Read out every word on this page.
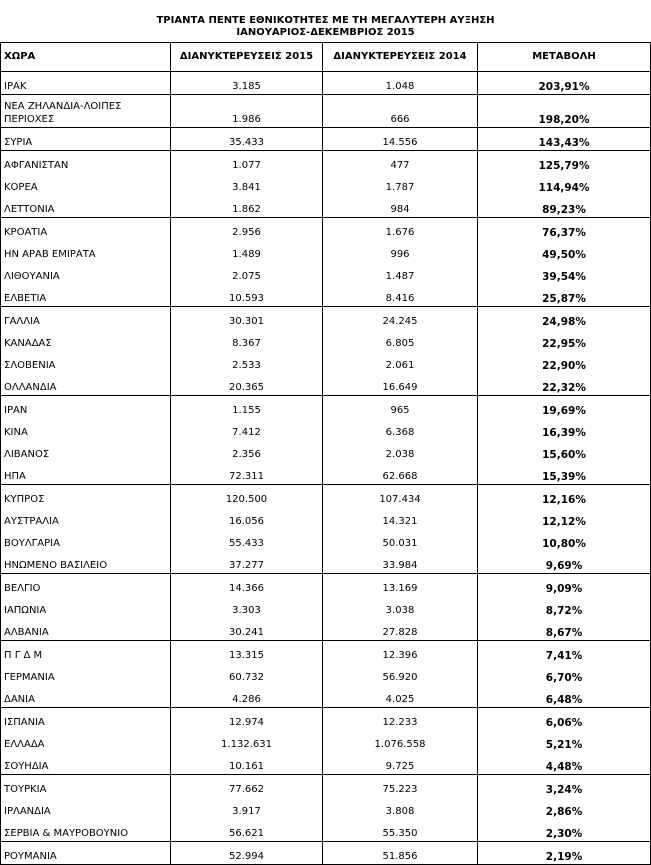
ΤΡΙΑΝΤΑ ΠΕΝΤΕ ΕΘΝΙΚΟΤΗΤΕΣ ΜΕ ΤΗ ΜΕΓΑΛΥΤΕΡΗ ΑΥΞΗΣΗ
ΙΑΝΟΥΑΡΙΟΣ-ΔΕΚΕΜΒΡΙΟΣ 2015
ΧΩΡΑ	ΔΙΑΝΥΚΤΕΡΕΥΣΕΙΣ 2015	ΔΙΑΝΥΚΤΕΡΕΥΣΕΙΣ 2014	ΜΕΤΑΒΟΛΗ
ΙΡΑΚ	3.185	1.048	203,91%
ΝΕΑ ΖΗΛΑΝΔΙΑ-ΛΟΙΠΕΣ ΠΕΡΙΟΧΕΣ	1.986	666	198,20%
ΣΥΡΙΑ	35.433	14.556	143,43%
ΑΦΓΑΝΙΣΤΑΝ	1.077	477	125,79%
ΚΟΡΕΑ	3.841	1.787	114,94%
ΛΕΤΤΟΝΙΑ	1.862	984	89,23%
ΚΡΟΑΤΙΑ	2.956	1.676	76,37%
ΗΝ ΑΡΑΒ ΕΜΙΡΑΤΑ	1.489	996	49,50%
ΛΙΘΟΥΑΝΙΑ	2.075	1.487	39,54%
ΕΛΒΕΤΙΑ	10.593	8.416	25,87%
ΓΑΛΛΙΑ	30.301	24.245	24,98%
ΚΑΝΑΔΑΣ	8.367	6.805	22,95%
ΣΛΟΒΕΝΙΑ	2.533	2.061	22,90%
ΟΛΛΑΝΔΙΑ	20.365	16.649	22,32%
ΙΡΑΝ	1.155	965	19,69%
ΚΙΝΑ	7.412	6.368	16,39%
ΛΙΒΑΝΟΣ	2.356	2.038	15,60%
ΗΠΑ	72.311	62.668	15,39%
ΚΥΠΡΟΣ	120.500	107.434	12,16%
ΑΥΣΤΡΑΛΙΑ	16.056	14.321	12,12%
ΒΟΥΛΓΑΡΙΑ	55.433	50.031	10,80%
ΗΝΩΜΕΝΟ ΒΑΣΙΛΕΙΟ	37.277	33.984	9,69%
ΒΕΛΓΙΟ	14.366	13.169	9,09%
ΙΑΠΩΝΙΑ	3.303	3.038	8,72%
ΑΛΒΑΝΙΑ	30.241	27.828	8,67%
Π Γ Δ Μ	13.315	12.396	7,41%
ΓΕΡΜΑΝΙΑ	60.732	56.920	6,70%
ΔΑΝΙΑ	4.286	4.025	6,48%
ΙΣΠΑΝΙΑ	12.974	12.233	6,06%
ΕΛΛΑΔΑ	1.132.631	1.076.558	5,21%
ΣΟΥΗΔΙΑ	10.161	9.725	4,48%
ΤΟΥΡΚΙΑ	77.662	75.223	3,24%
ΙΡΛΑΝΔΙΑ	3.917	3.808	2,86%
ΣΕΡΒΙΑ & ΜΑΥΡΟΒΟΥΝΙΟ	56.621	55.350	2,30%
ΡΟΥΜΑΝΙΑ	52.994	51.856	2,19%
